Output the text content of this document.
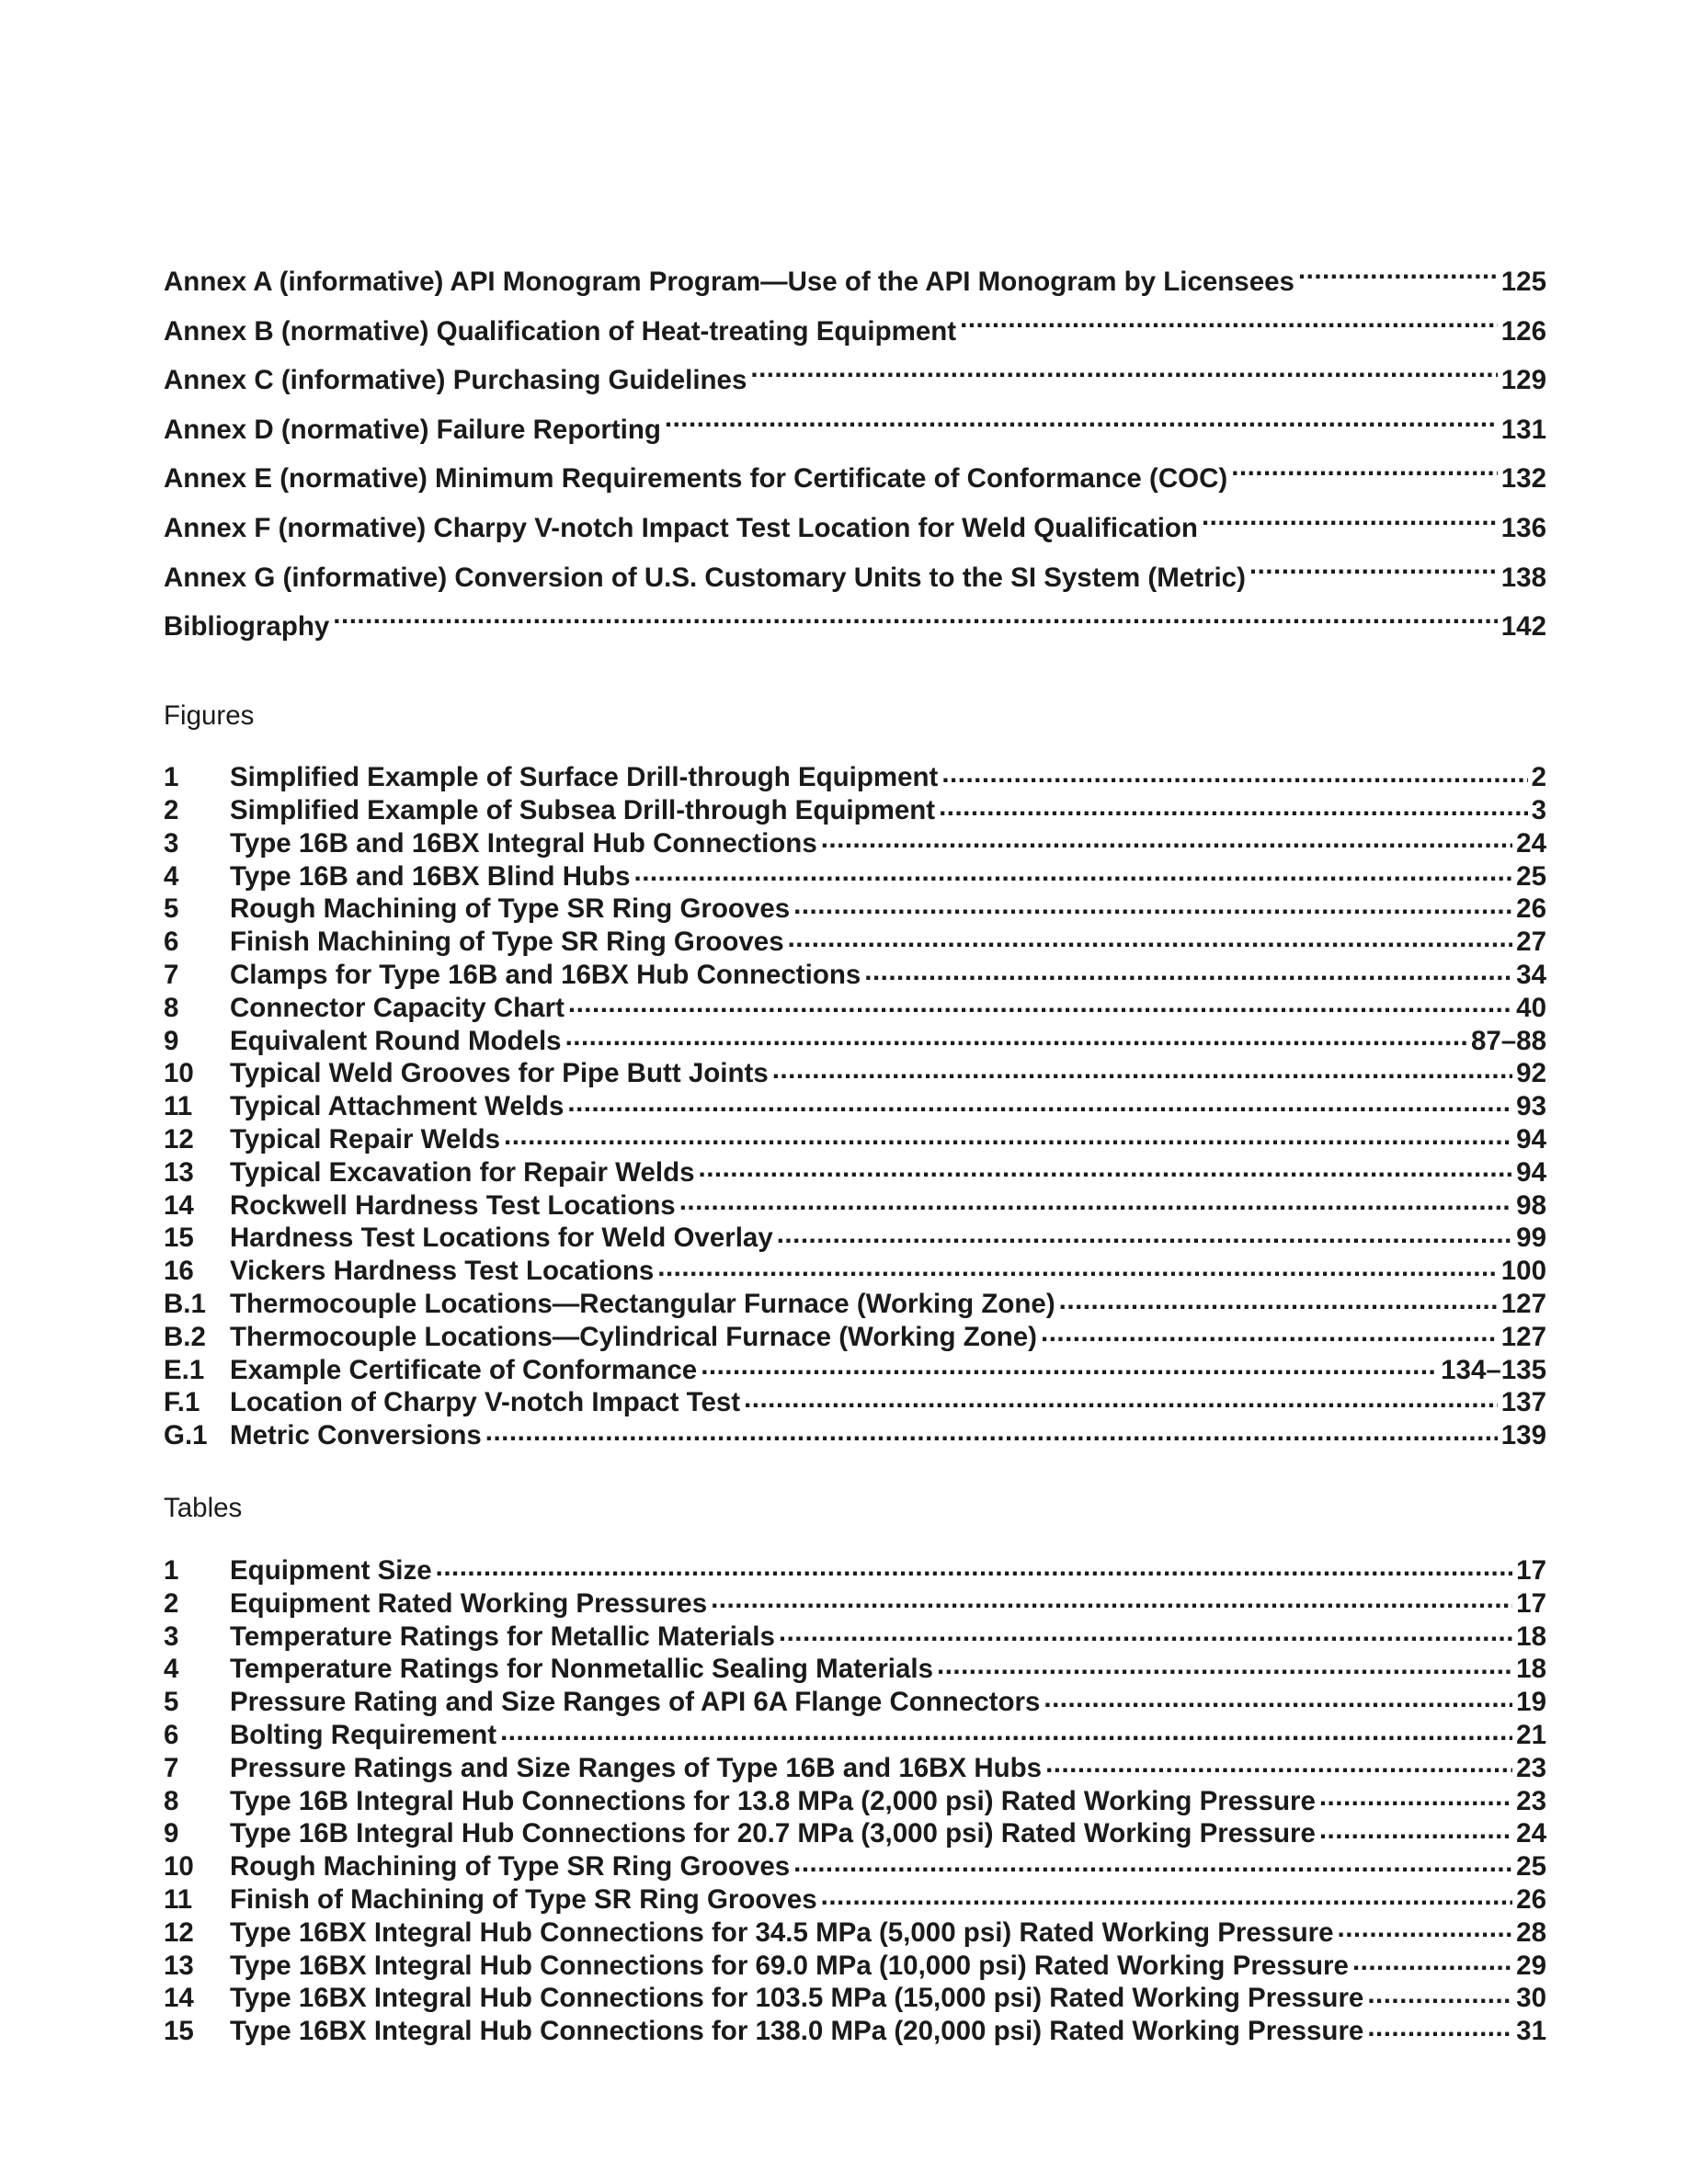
Annex A (informative) API Monogram Program—Use of the API Monogram by Licensees .....	125
Annex B (normative) Qualification of Heat-treating Equipment .....	126
Annex C (informative) Purchasing Guidelines .....	129
Annex D (normative) Failure Reporting .....	131
Annex E (normative) Minimum Requirements for Certificate of Conformance (COC) .....	132
Annex F (normative) Charpy V-notch Impact Test Location for Weld Qualification .....	136
Annex G (informative) Conversion of U.S. Customary Units to the SI System (Metric) .....	138
Bibliography .....	142
Figures
1	Simplified Example of Surface Drill-through Equipment .....	2
2	Simplified Example of Subsea Drill-through Equipment .....	3
3	Type 16B and 16BX Integral Hub Connections .....	24
4	Type 16B and 16BX Blind Hubs .....	25
5	Rough Machining of Type SR Ring Grooves .....	26
6	Finish Machining of Type SR Ring Grooves .....	27
7	Clamps for Type 16B and 16BX Hub Connections .....	34
8	Connector Capacity Chart .....	40
9	Equivalent Round Models .....	87–88
10	Typical Weld Grooves for Pipe Butt Joints .....	92
11	Typical Attachment Welds .....	93
12	Typical Repair Welds .....	94
13	Typical Excavation for Repair Welds .....	94
14	Rockwell Hardness Test Locations .....	98
15	Hardness Test Locations for Weld Overlay .....	99
16	Vickers Hardness Test Locations .....	100
B.1 Thermocouple Locations—Rectangular Furnace (Working Zone) .....	127
B.2 Thermocouple Locations—Cylindrical Furnace (Working Zone) .....	127
E.1 Example Certificate of Conformance .....	134–135
F.1	Location of Charpy V-notch Impact Test .....	137
G.1 Metric Conversions .....	139
Tables
1	Equipment Size .....	17
2	Equipment Rated Working Pressures .....	17
3	Temperature Ratings for Metallic Materials .....	18
4	Temperature Ratings for Nonmetallic Sealing Materials .....	18
5	Pressure Rating and Size Ranges of API 6A Flange Connectors .....	19
6	Bolting Requirement .....	21
7	Pressure Ratings and Size Ranges of Type 16B and 16BX Hubs .....	23
8	Type 16B Integral Hub Connections for 13.8 MPa (2,000 psi) Rated Working Pressure .....	23
9	Type 16B Integral Hub Connections for 20.7 MPa (3,000 psi) Rated Working Pressure .....	24
10	Rough Machining of Type SR Ring Grooves .....	25
11	Finish of Machining of Type SR Ring Grooves .....	26
12	Type 16BX Integral Hub Connections for 34.5 MPa (5,000 psi) Rated Working Pressure .....	28
13	Type 16BX Integral Hub Connections for 69.0 MPa (10,000 psi) Rated Working Pressure .....	29
14	Type 16BX Integral Hub Connections for 103.5 MPa (15,000 psi) Rated Working Pressure .....	30
15	Type 16BX Integral Hub Connections for 138.0 MPa (20,000 psi) Rated Working Pressure .....	31
